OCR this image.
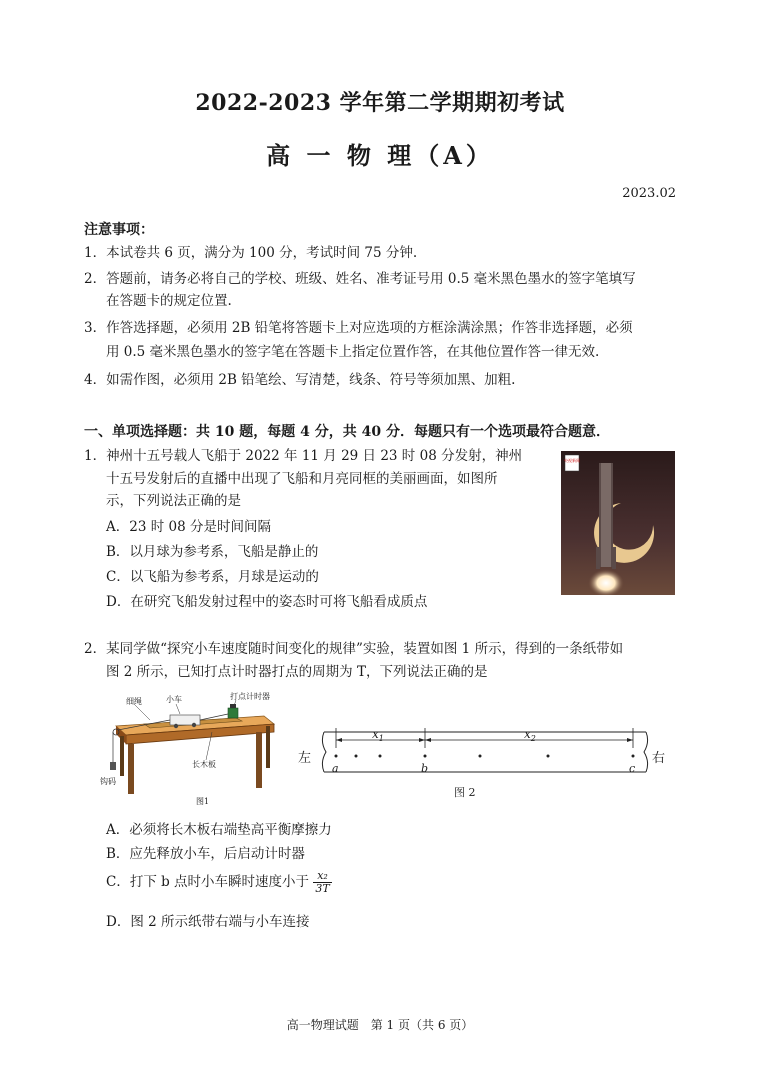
2022-2023 学年第二学期期初考试
高 一 物 理（A）
2023.02
注意事项：
1．本试卷共 6 页，满分为 100 分，考试时间 75 分钟.
2．答题前，请务必将自己的学校、班级、姓名、准考证号用 0.5 毫米黑色墨水的签字笔填写
在答题卡的规定位置.
3．作答选择题，必须用 2B 铅笔将答题卡上对应选项的方框涂满涂黑；作答非选择题，必须
用 0.5 毫米黑色墨水的签字笔在答题卡上指定位置作答，在其他位置作答一律无效.
4．如需作图，必须用 2B 铅笔绘、写清楚，线条、符号等须加黑、加粗.
一、单项选择题：共 10 题，每题 4 分，共 40 分．每题只有一个选项最符合题意．
1．神州十五号载人飞船于 2022 年 11 月 29 日 23 时 08 分发射，神州
十五号发射后的直播中出现了飞船和月亮同框的美丽画面，如图所
示，下列说法正确的是
A．23 时 08 分是时间间隔
B．以月球为参考系，飞船是静止的
C．以飞船为参考系，月球是运动的
D．在研究飞船发射过程中的姿态时可将飞船看成质点
央视新闻
2．某同学做“探究小车速度随时间变化的规律”实验，装置如图 1 所示，得到的一条纸带如
图 2 所示，已知打点计时器打点的周期为 T，下列说法正确的是
细绳	小车	打点计时器
长木板
钩码
图1
左	右
$x_1$	$x_2$
a	b	c
图 2
A．必须将长木板右端垫高平衡摩擦力
B．应先释放小车，后启动计时器
C．打下 b 点时小车瞬时速度小于 $\frac{\text{x₂}}{3T}$
D．图 2 所示纸带右端与小车连接
高一物理试题　第 1 页（共 6 页）
